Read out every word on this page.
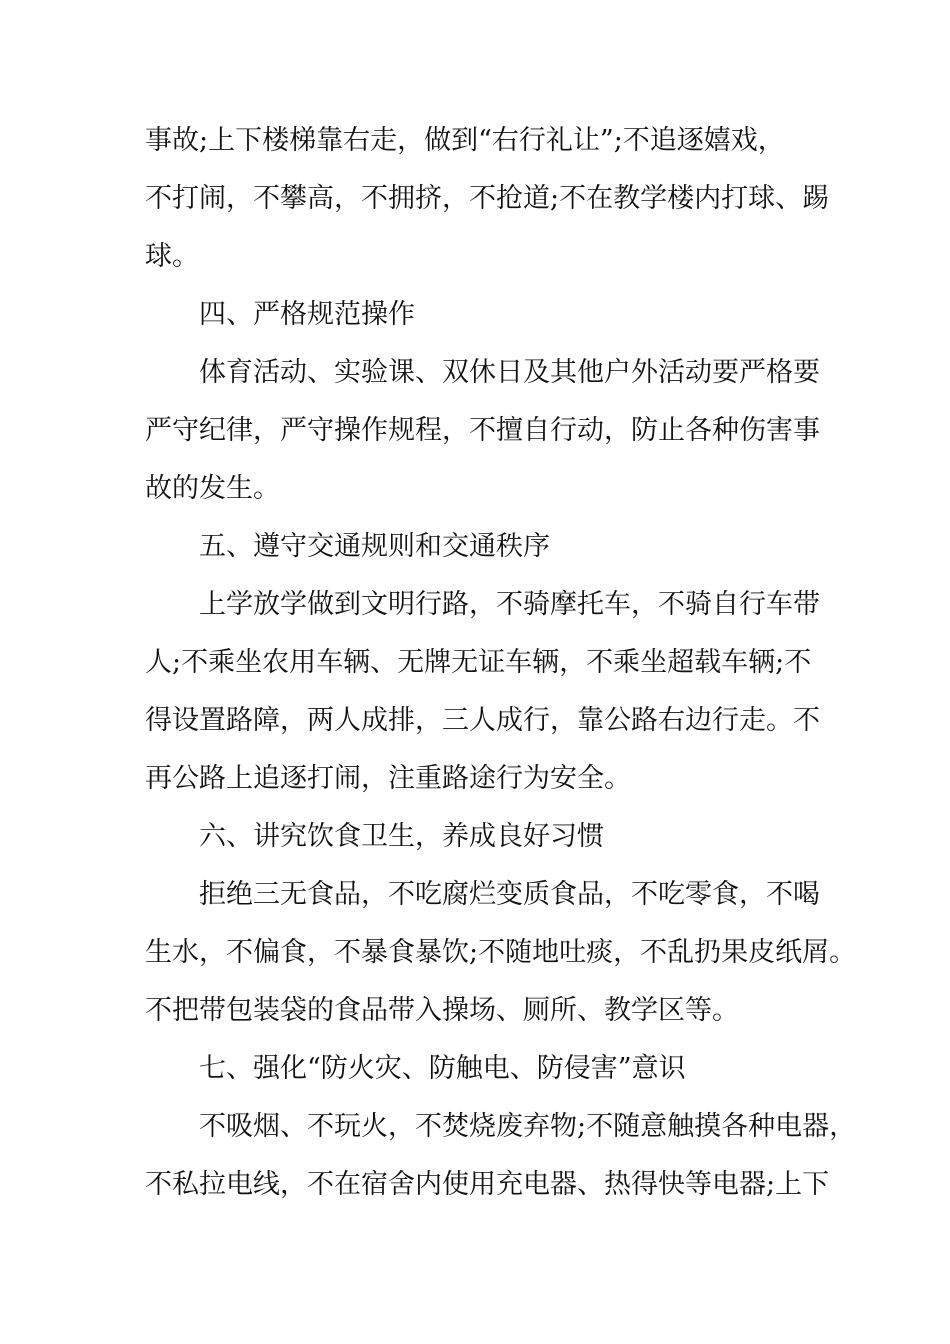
事故;上下楼梯靠右走，做到“右行礼让”;不追逐嬉戏，
不打闹，不攀高，不拥挤，不抢道;不在教学楼内打球、踢
球。
四、严格规范操作
体育活动、实验课、双休日及其他户外活动要严格要
严守纪律，严守操作规程，不擅自行动，防止各种伤害事
故的发生。
五、遵守交通规则和交通秩序
上学放学做到文明行路，不骑摩托车，不骑自行车带
人;不乘坐农用车辆、无牌无证车辆，不乘坐超载车辆;不
得设置路障，两人成排，三人成行，靠公路右边行走。不
再公路上追逐打闹，注重路途行为安全。
六、讲究饮食卫生，养成良好习惯
拒绝三无食品，不吃腐烂变质食品，不吃零食，不喝
生水，不偏食，不暴食暴饮;不随地吐痰，不乱扔果皮纸屑。
不把带包装袋的食品带入操场、厕所、教学区等。
七、强化“防火灾、防触电、防侵害”意识
不吸烟、不玩火，不焚烧废弃物;不随意触摸各种电器，
不私拉电线，不在宿舍内使用充电器、热得快等电器;上下
